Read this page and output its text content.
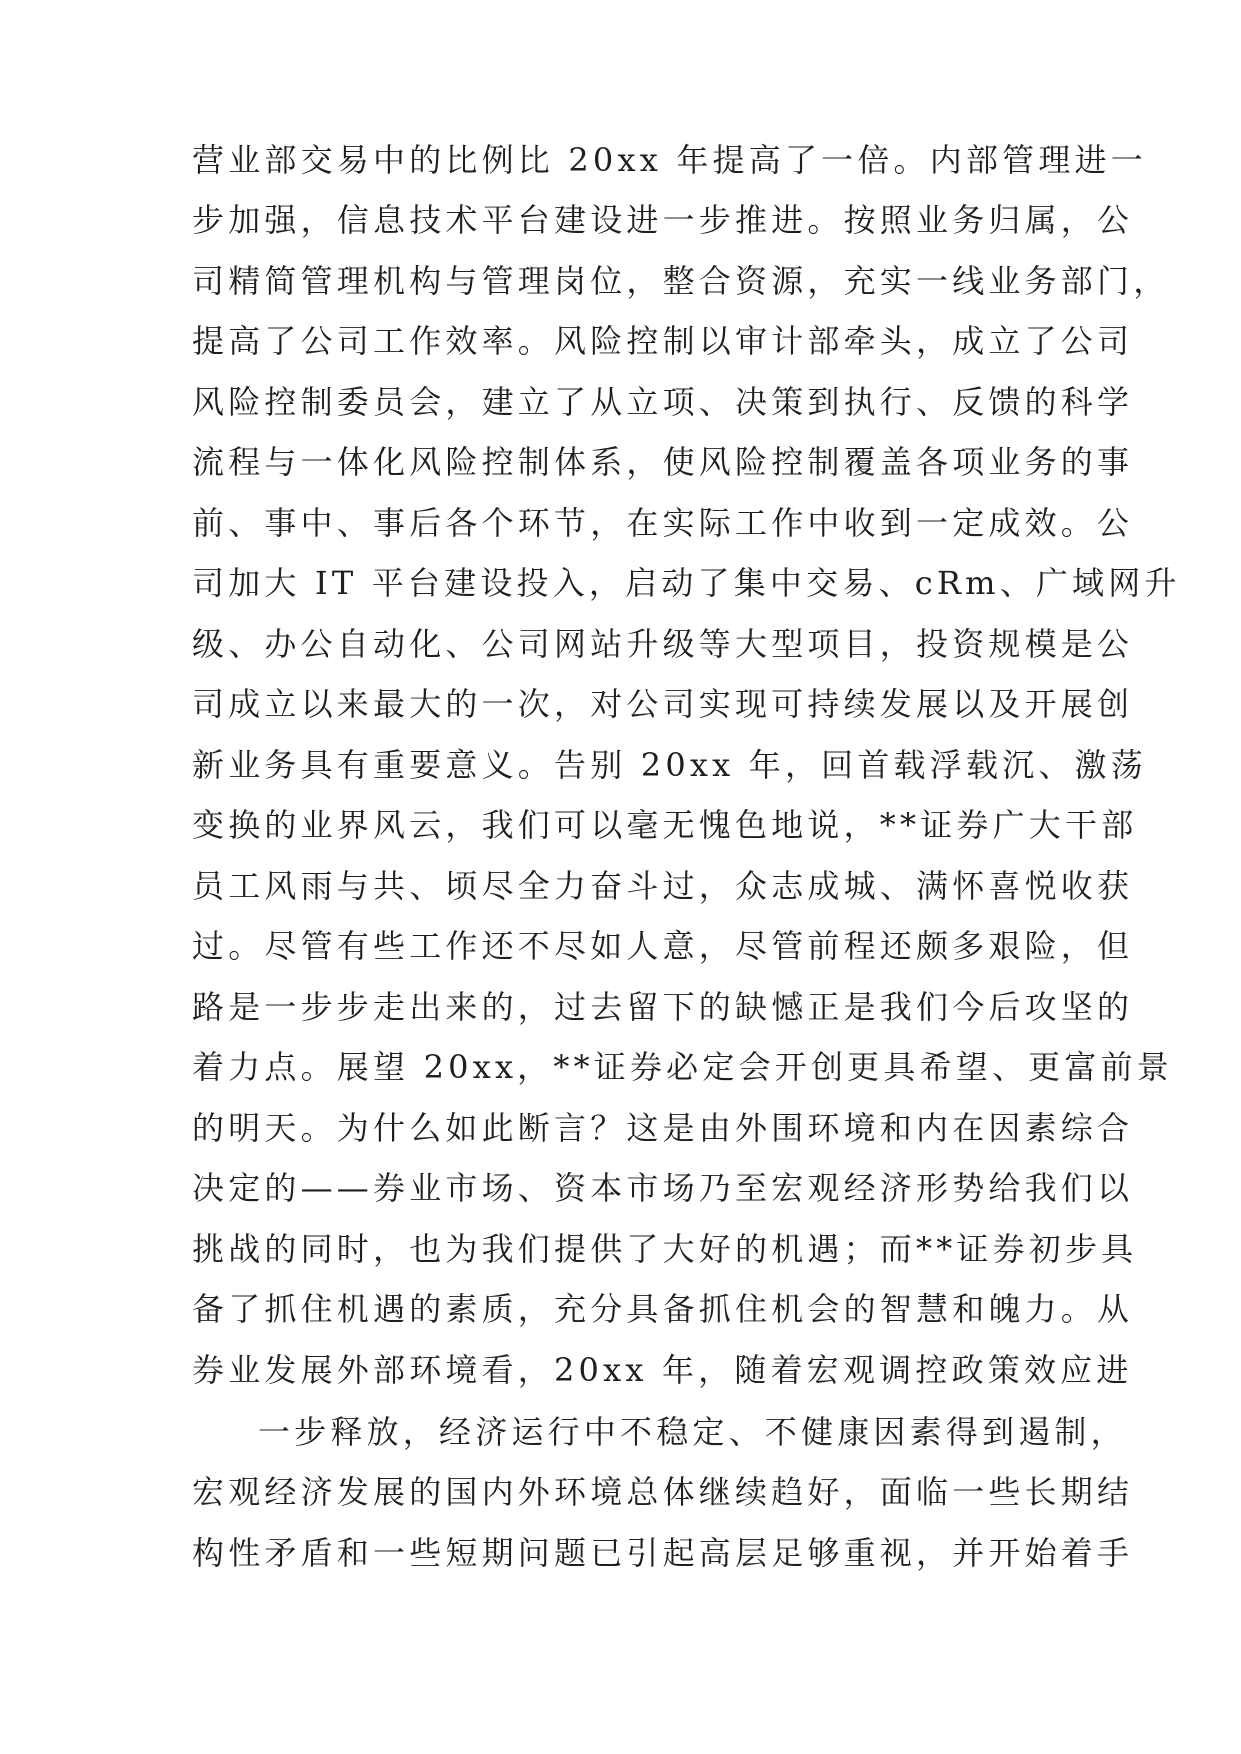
营业部交易中的比例比 20xx 年提高了一倍。内部管理进一
步加强，信息技术平台建设进一步推进。按照业务归属，公
司精简管理机构与管理岗位，整合资源，充实一线业务部门，
提高了公司工作效率。风险控制以审计部牵头，成立了公司
风险控制委员会，建立了从立项、决策到执行、反馈的科学
流程与一体化风险控制体系，使风险控制覆盖各项业务的事
前、事中、事后各个环节，在实际工作中收到一定成效。公
司加大 IT 平台建设投入，启动了集中交易、cRm、广域网升
级、办公自动化、公司网站升级等大型项目，投资规模是公
司成立以来最大的一次，对公司实现可持续发展以及开展创
新业务具有重要意义。告别 20xx 年，回首载浮载沉、激荡
变换的业界风云，我们可以毫无愧色地说，**证券广大干部
员工风雨与共、顷尽全力奋斗过，众志成城、满怀喜悦收获
过。尽管有些工作还不尽如人意，尽管前程还颇多艰险，但
路是一步步走出来的，过去留下的缺憾正是我们今后攻坚的
着力点。展望 20xx，**证券必定会开创更具希望、更富前景
的明天。为什么如此断言？这是由外围环境和内在因素综合
决定的——券业市场、资本市场乃至宏观经济形势给我们以
挑战的同时，也为我们提供了大好的机遇；而**证券初步具
备了抓住机遇的素质，充分具备抓住机会的智慧和魄力。从
券业发展外部环境看，20xx 年，随着宏观调控政策效应进
一步释放，经济运行中不稳定、不健康因素得到遏制，
宏观经济发展的国内外环境总体继续趋好，面临一些长期结
构性矛盾和一些短期问题已引起高层足够重视，并开始着手
